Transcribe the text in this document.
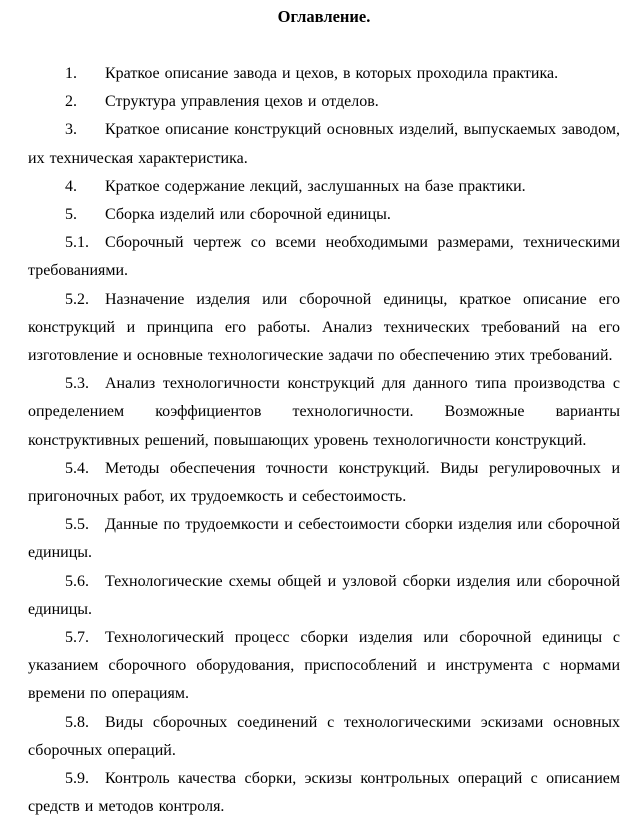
Оглавление.

1. Краткое описание завода и цехов, в которых проходила практика.

2. Структура управления цехов и отделов.

3. Краткое описание конструкций основных изделий, выпускаемых заводом, их техническая характеристика.

4. Краткое содержание лекций, заслушанных на базе практики.

5. Сборка изделий или сборочной единицы.

5.1. Сборочный чертеж со всеми необходимыми размерами, техническими требованиями.

5.2. Назначение изделия или сборочной единицы, краткое описание его конструкций и принципа его работы. Анализ технических требований на его изготовление и основные технологические задачи по обеспечению этих требований.

5.3. Анализ технологичности конструкций для данного типа производства с определением коэффициентов технологичности. Возможные варианты конструктивных решений, повышающих уровень технологичности конструкций.

5.4. Методы обеспечения точности конструкций. Виды регулировочных и пригоночных работ, их трудоемкость и себестоимость.

5.5. Данные по трудоемкости и себестоимости сборки изделия или сборочной единицы.

5.6. Технологические схемы общей и узловой сборки изделия или сборочной единицы.

5.7. Технологический процесс сборки изделия или сборочной единицы с указанием сборочного оборудования, приспособлений и инструмента с нормами времени по операциям.

5.8. Виды сборочных соединений с технологическими эскизами основных сборочных операций.

5.9. Контроль качества сборки, эскизы контрольных операций с описанием средств и методов контроля.
